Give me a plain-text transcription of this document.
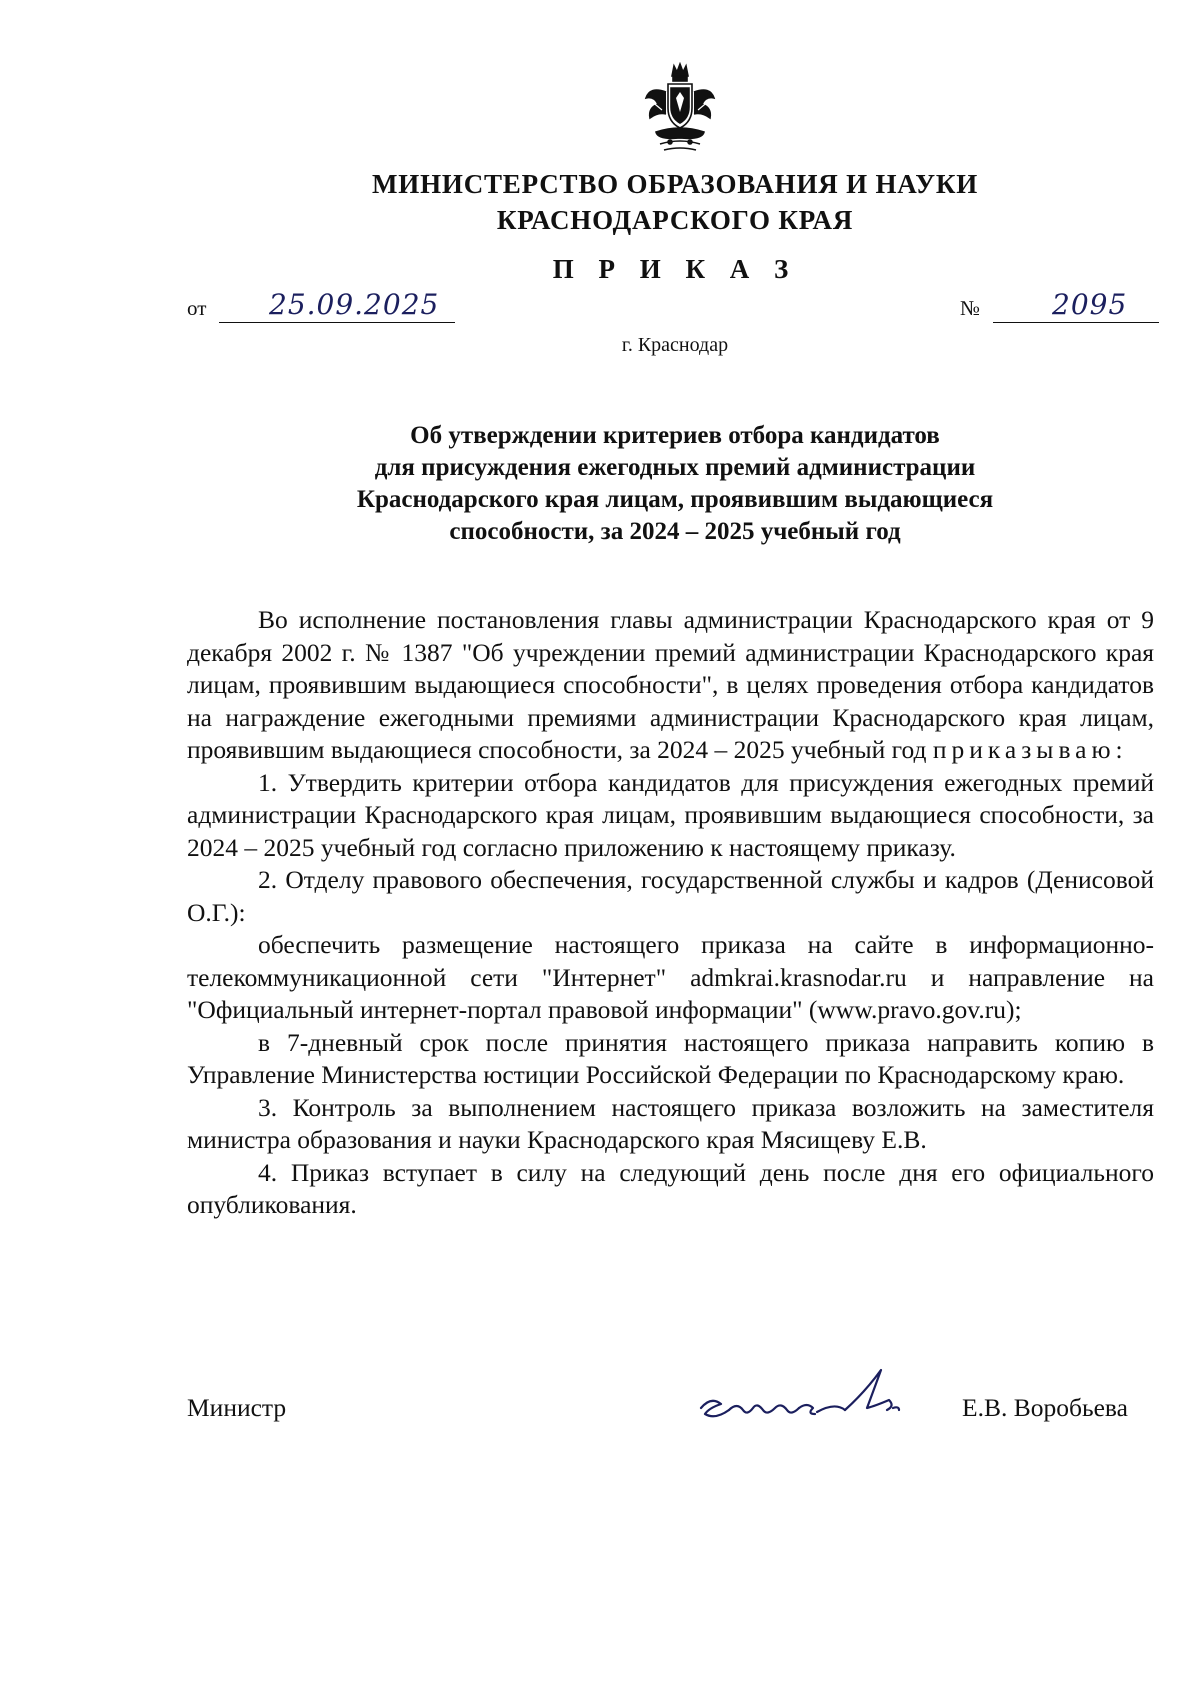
МИНИСТЕРСТВО ОБРАЗОВАНИЯ И НАУКИ
КРАСНОДАРСКОГО КРАЯ
П Р И К А З
от 25.09.2025	№	2095
г. Краснодар
Об утверждении критериев отбора кандидатов
для присуждения ежегодных премий администрации
Краснодарского края лицам, проявившим выдающиеся
способности, за 2024 – 2025 учебный год

Во исполнение постановления главы администрации Краснодарского края от 9 декабря 2002 г. № 1387 "Об учреждении премий администрации Краснодарского края лицам, проявившим выдающиеся способности", в целях проведения отбора кандидатов на награждение ежегодными премиями администрации Краснодарского края лицам, проявившим выдающиеся способности, за 2024 – 2025 учебный год приказываю:

1. Утвердить критерии отбора кандидатов для присуждения ежегодных премий администрации Краснодарского края лицам, проявившим выдающиеся способности, за 2024 – 2025 учебный год согласно приложению к настоящему приказу.

2. Отделу правового обеспечения, государственной службы и кадров (Денисовой О.Г.):

обеспечить размещение настоящего приказа на сайте в информационно-телекоммуникационной сети "Интернет" admkrai.krasnodar.ru и направление на "Официальный интернет-портал правовой информации" (www.pravo.gov.ru);

в 7-дневный срок после принятия настоящего приказа направить копию в Управление Министерства юстиции Российской Федерации по Краснодарскому краю.

3. Контроль за выполнением настоящего приказа возложить на заместителя министра образования и науки Краснодарского края Мясищеву Е.В.

4. Приказ вступает в силу на следующий день после дня его официального опубликования.

Министр	Е.В. Воробьева
